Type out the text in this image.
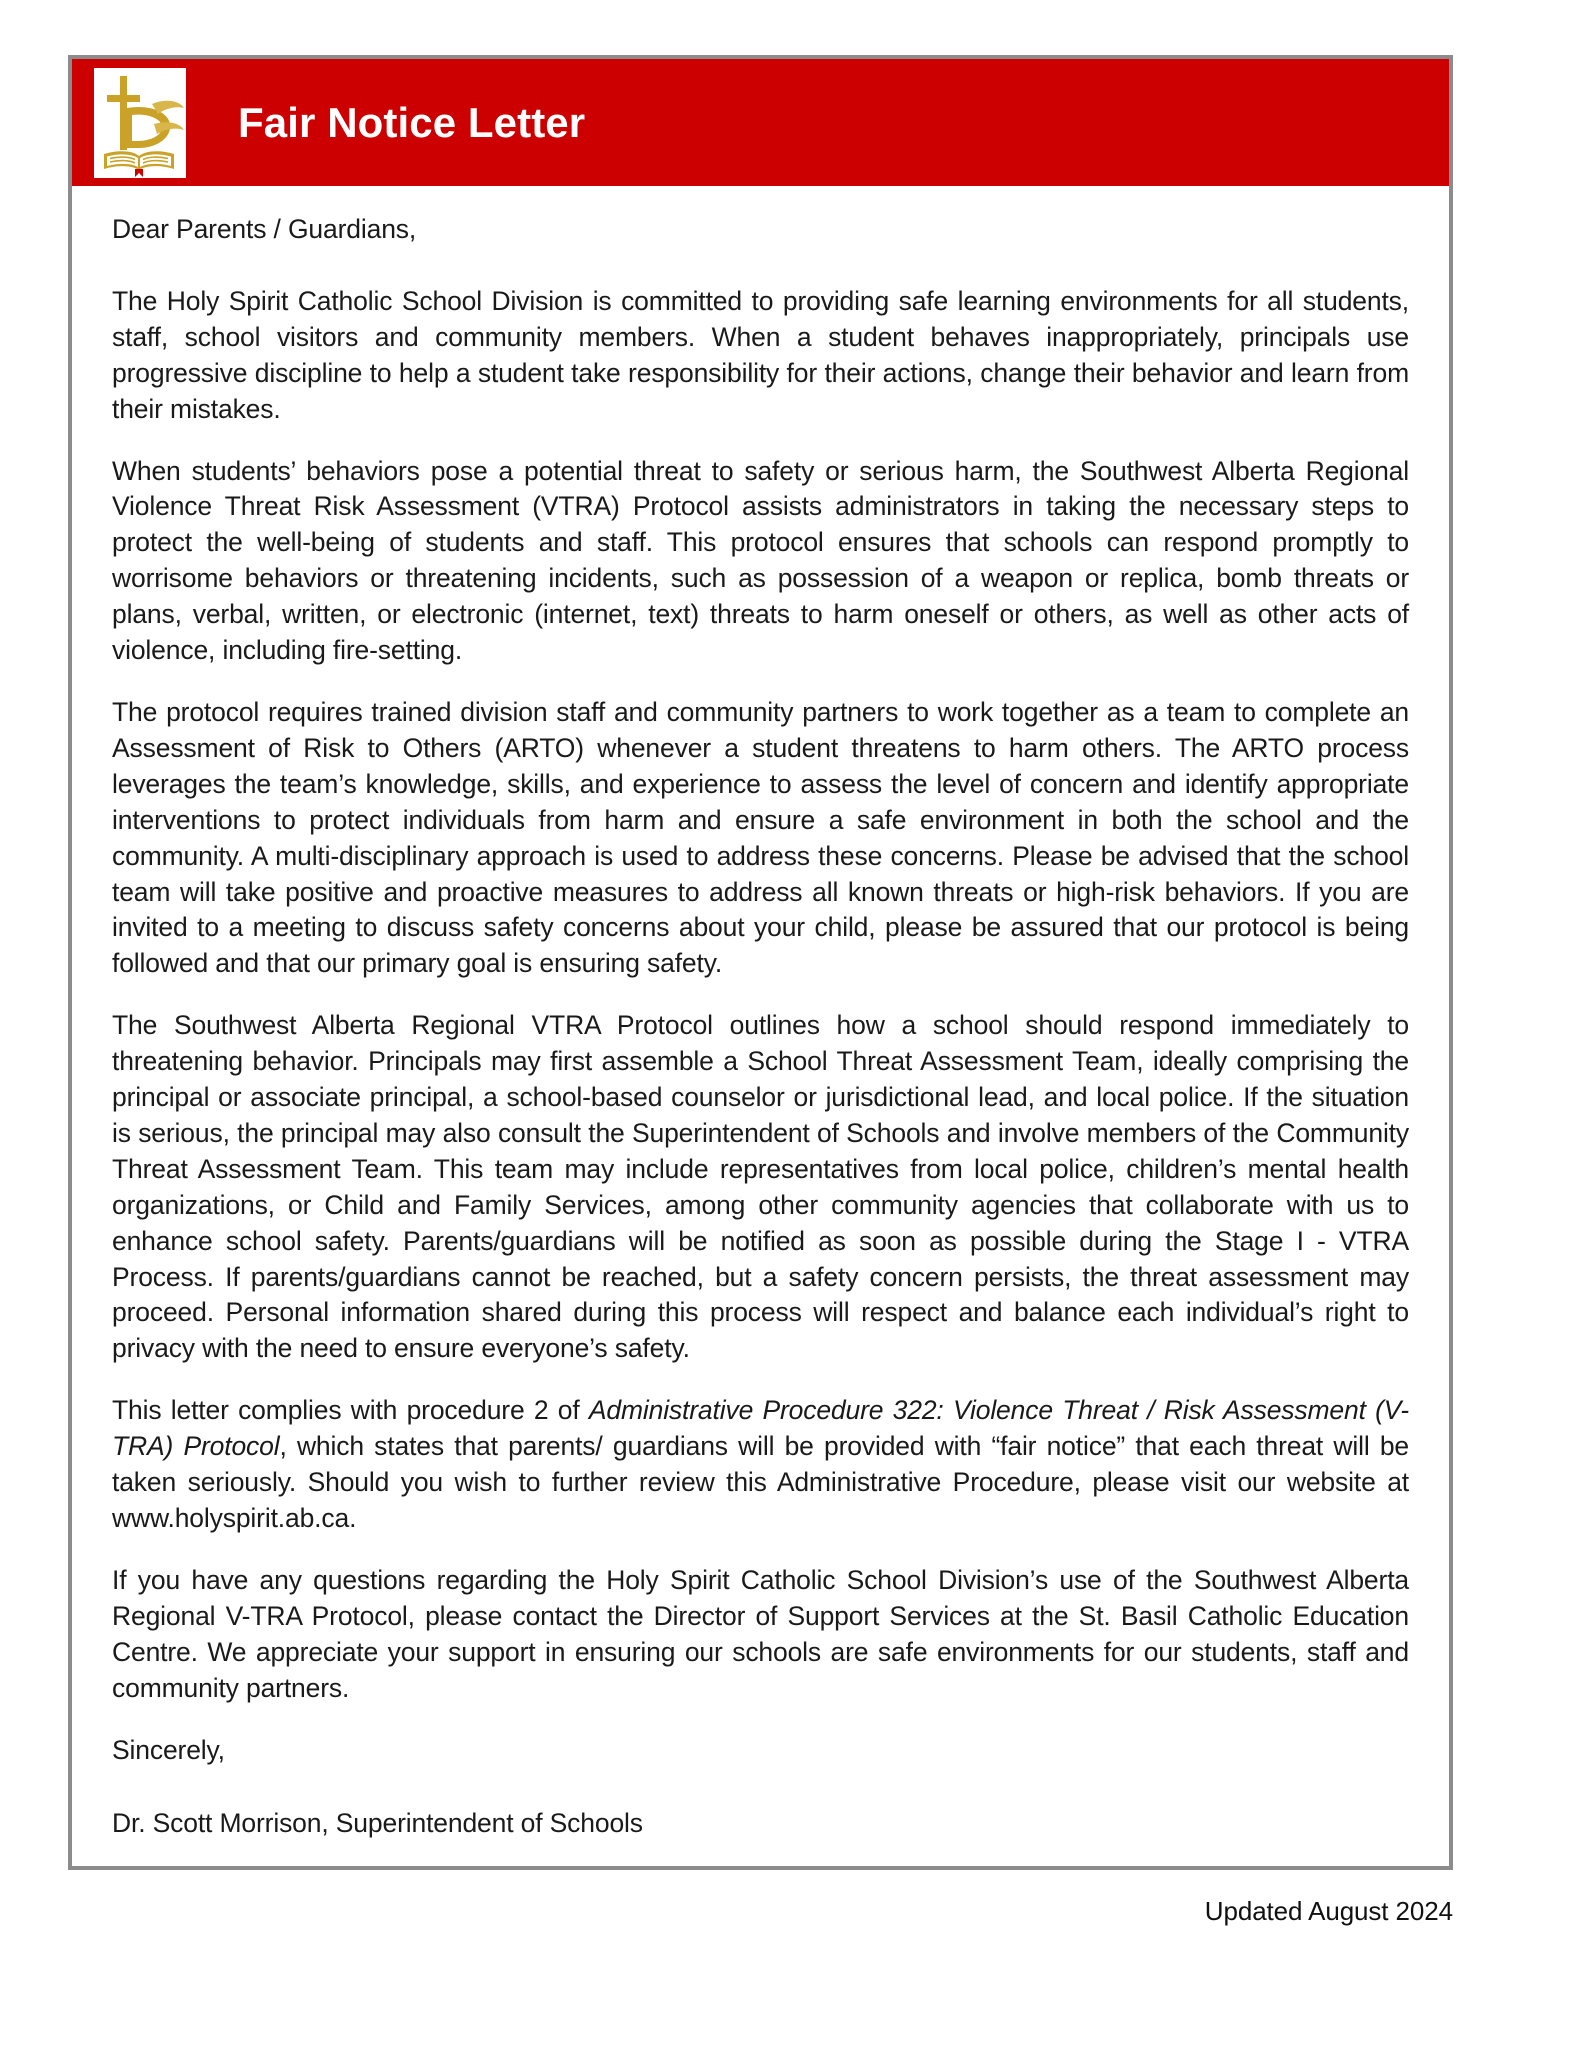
Fair Notice Letter

Dear Parents / Guardians,

The Holy Spirit Catholic School Division is committed to providing safe learning environments for all students, staff, school visitors and community members. When a student behaves inappropriately, principals use progressive discipline to help a student take responsibility for their actions, change their behavior and learn from their mistakes.

When students’ behaviors pose a potential threat to safety or serious harm, the Southwest Alberta Regional Violence Threat Risk Assessment (VTRA) Protocol assists administrators in taking the necessary steps to protect the well-being of students and staff. This protocol ensures that schools can respond promptly to worrisome behaviors or threatening incidents, such as possession of a weapon or replica, bomb threats or plans, verbal, written, or electronic (internet, text) threats to harm oneself or others, as well as other acts of violence, including fire-setting.

The protocol requires trained division staff and community partners to work together as a team to complete an Assessment of Risk to Others (ARTO) whenever a student threatens to harm others. The ARTO process leverages the team’s knowledge, skills, and experience to assess the level of concern and identify appropriate interventions to protect individuals from harm and ensure a safe environment in both the school and the community. A multi-disciplinary approach is used to address these concerns. Please be advised that the school team will take positive and proactive measures to address all known threats or high-risk behaviors. If you are invited to a meeting to discuss safety concerns about your child, please be assured that our protocol is being followed and that our primary goal is ensuring safety.

The Southwest Alberta Regional VTRA Protocol outlines how a school should respond immediately to threatening behavior. Principals may first assemble a School Threat Assessment Team, ideally comprising the principal or associate principal, a school-based counselor or jurisdictional lead, and local police. If the situation is serious, the principal may also consult the Superintendent of Schools and involve members of the Community Threat Assessment Team. This team may include representatives from local police, children’s mental health organizations, or Child and Family Services, among other community agencies that collaborate with us to enhance school safety. Parents/guardians will be notified as soon as possible during the Stage I - VTRA Process. If parents/guardians cannot be reached, but a safety concern persists, the threat assessment may proceed. Personal information shared during this process will respect and balance each individual’s right to privacy with the need to ensure everyone’s safety.

This letter complies with procedure 2 of Administrative Procedure 322: Violence Threat / Risk Assessment (V-TRA) Protocol, which states that parents/ guardians will be provided with “fair notice” that each threat will be taken seriously. Should you wish to further review this Administrative Procedure, please visit our website at www.holyspirit.ab.ca.

If you have any questions regarding the Holy Spirit Catholic School Division’s use of the Southwest Alberta Regional V-TRA Protocol, please contact the Director of Support Services at the St. Basil Catholic Education Centre. We appreciate your support in ensuring our schools are safe environments for our students, staff and community partners.

Sincerely,

Dr. Scott Morrison, Superintendent of Schools

Updated August 2024
